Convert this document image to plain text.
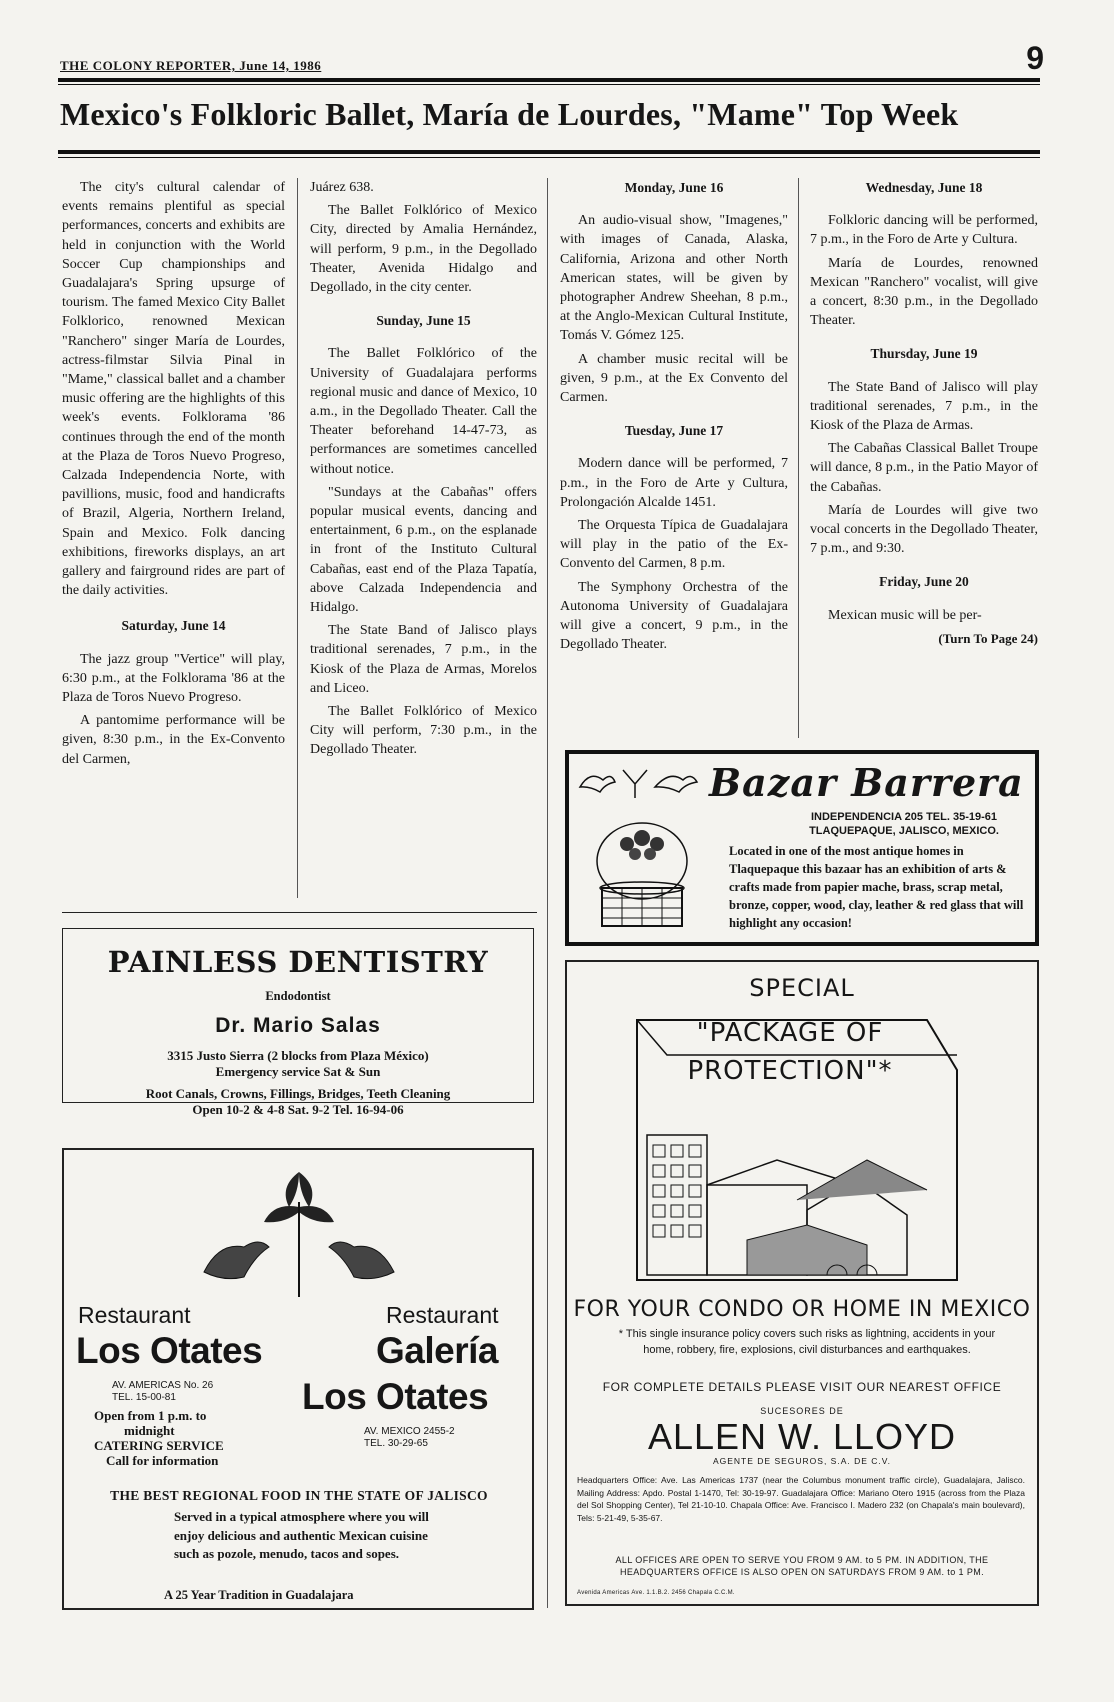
THE COLONY REPORTER, June 14, 1986	9
Mexico's Folkloric Ballet, María de Lourdes, "Mame" Top Week

The city's cultural calendar of events remains plentiful as special performances, concerts and exhibits are held in conjunction with the World Soccer Cup championships and Guadalajara's Spring upsurge of tourism. The famed Mexico City Ballet Folklorico, renowned Mexican "Ranchero" singer María de Lourdes, actress-filmstar Silvia Pinal in "Mame," classical ballet and a chamber music offering are the highlights of this week's events. Folklorama '86 continues through the end of the month at the Plaza de Toros Nuevo Progreso, Calzada Independencia Norte, with pavillions, music, food and handicrafts of Brazil, Algeria, Northern Ireland, Spain and Mexico. Folk dancing exhibitions, fireworks displays, an art gallery and fairground rides are part of the daily activities.

Saturday, June 14

The jazz group "Vertice" will play, 6:30 p.m., at the Folklorama '86 at the Plaza de Toros Nuevo Progreso.

A pantomime performance will be given, 8:30 p.m., in the Ex-Convento del Carmen,

Juárez 638.

The Ballet Folklórico of Mexico City, directed by Amalia Hernández, will perform, 9 p.m., in the Degollado Theater, Avenida Hidalgo and Degollado, in the city center.

Sunday, June 15

The Ballet Folklórico of the University of Guadalajara performs regional music and dance of Mexico, 10 a.m., in the Degollado Theater. Call the Theater beforehand 14-47-73, as performances are sometimes cancelled without notice.

"Sundays at the Cabañas" offers popular musical events, dancing and entertainment, 6 p.m., on the esplanade in front of the Instituto Cultural Cabañas, east end of the Plaza Tapatía, above Calzada Independencia and Hidalgo.

The State Band of Jalisco plays traditional serenades, 7 p.m., in the Kiosk of the Plaza de Armas, Morelos and Liceo.

The Ballet Folklórico of Mexico City will perform, 7:30 p.m., in the Degollado Theater.

Monday, June 16

An audio-visual show, "Imagenes," with images of Canada, Alaska, California, Arizona and other North American states, will be given by photographer Andrew Sheehan, 8 p.m., at the Anglo-Mexican Cultural Institute, Tomás V. Gómez 125.

A chamber music recital will be given, 9 p.m., at the Ex Convento del Carmen.

Tuesday, June 17

Modern dance will be performed, 7 p.m., in the Foro de Arte y Cultura, Prolongación Alcalde 1451.

The Orquesta Típica de Guadalajara will play in the patio of the Ex-Convento del Carmen, 8 p.m.

The Symphony Orchestra of the Autonoma University of Guadalajara will give a concert, 9 p.m., in the Degollado Theater.

Wednesday, June 18

Folkloric dancing will be performed, 7 p.m., in the Foro de Arte y Cultura.

María de Lourdes, renowned Mexican "Ranchero" vocalist, will give a concert, 8:30 p.m., in the Degollado Theater.

Thursday, June 19

The State Band of Jalisco will play traditional serenades, 7 p.m., in the Kiosk of the Plaza de Armas.

The Cabañas Classical Ballet Troupe will dance, 8 p.m., in the Patio Mayor of the Cabañas.

María de Lourdes will give two vocal concerts in the Degollado Theater, 7 p.m., and 9:30.

Friday, June 20

Mexican music will be per-

(Turn To Page 24)
Bazar Barrera
INDEPENDENCIA 205 TEL. 35-19-61
TLAQUEPAQUE, JALISCO, MEXICO.
Located in one of the most antique homes in Tlaquepaque this bazaar has an exhibition of arts & crafts made from papier mache, brass, scrap metal, bronze, copper, wood, clay, leather & red glass that will highlight any occasion!
PAINLESS DENTISTRY
Endodontist
Dr. Mario Salas
3315 Justo Sierra (2 blocks from Plaza México)
Emergency service Sat & Sun
Root Canals, Crowns, Fillings, Bridges, Teeth Cleaning
Open 10-2 & 4-8 Sat. 9-2 Tel. 16-94-06
Restaurant
Los Otates
AV. AMERICAS No. 26
TEL. 15-00-81
Open from 1 p.m. to
midnight
CATERING SERVICE
Call for information
Restaurant
Galería
Los Otates
AV. MEXICO 2455-2
TEL. 30-29-65
THE BEST REGIONAL FOOD IN THE STATE OF JALISCO
Served in a typical atmosphere where you will enjoy delicious and authentic Mexican cuisine such as pozole, menudo, tacos and sopes.
A 25 Year Tradition in Guadalajara
SPECIAL
"PACKAGE OF
PROTECTION"*
FOR YOUR CONDO OR HOME IN MEXICO
* This single insurance policy covers such risks as lightning, accidents in your home, robbery, fire, explosions, civil disturbances and earthquakes.
FOR COMPLETE DETAILS PLEASE VISIT OUR NEAREST OFFICE
SUCESORES DE
ALLEN W. LLOYD
AGENTE DE SEGUROS, S.A. DE C.V.
Headquarters Office: Ave. Las Americas 1737 (near the Columbus monument traffic circle), Guadalajara, Jalisco. Mailing Address: Apdo. Postal 1-1470, Tel: 30-19-97. Guadalajara Office: Mariano Otero 1915 (across from the Plaza del Sol Shopping Center), Tel 21-10-10. Chapala Office: Ave. Francisco I. Madero 232 (on Chapala's main boulevard), Tels: 5-21-49, 5-35-67.
ALL OFFICES ARE OPEN TO SERVE YOU FROM 9 AM. to 5 PM. IN ADDITION, THE HEADQUARTERS OFFICE IS ALSO OPEN ON SATURDAYS FROM 9 AM. to 1 PM.
Avenida Americas Ave. 1.1.B.2. 2456 Chapala C.C.M.
